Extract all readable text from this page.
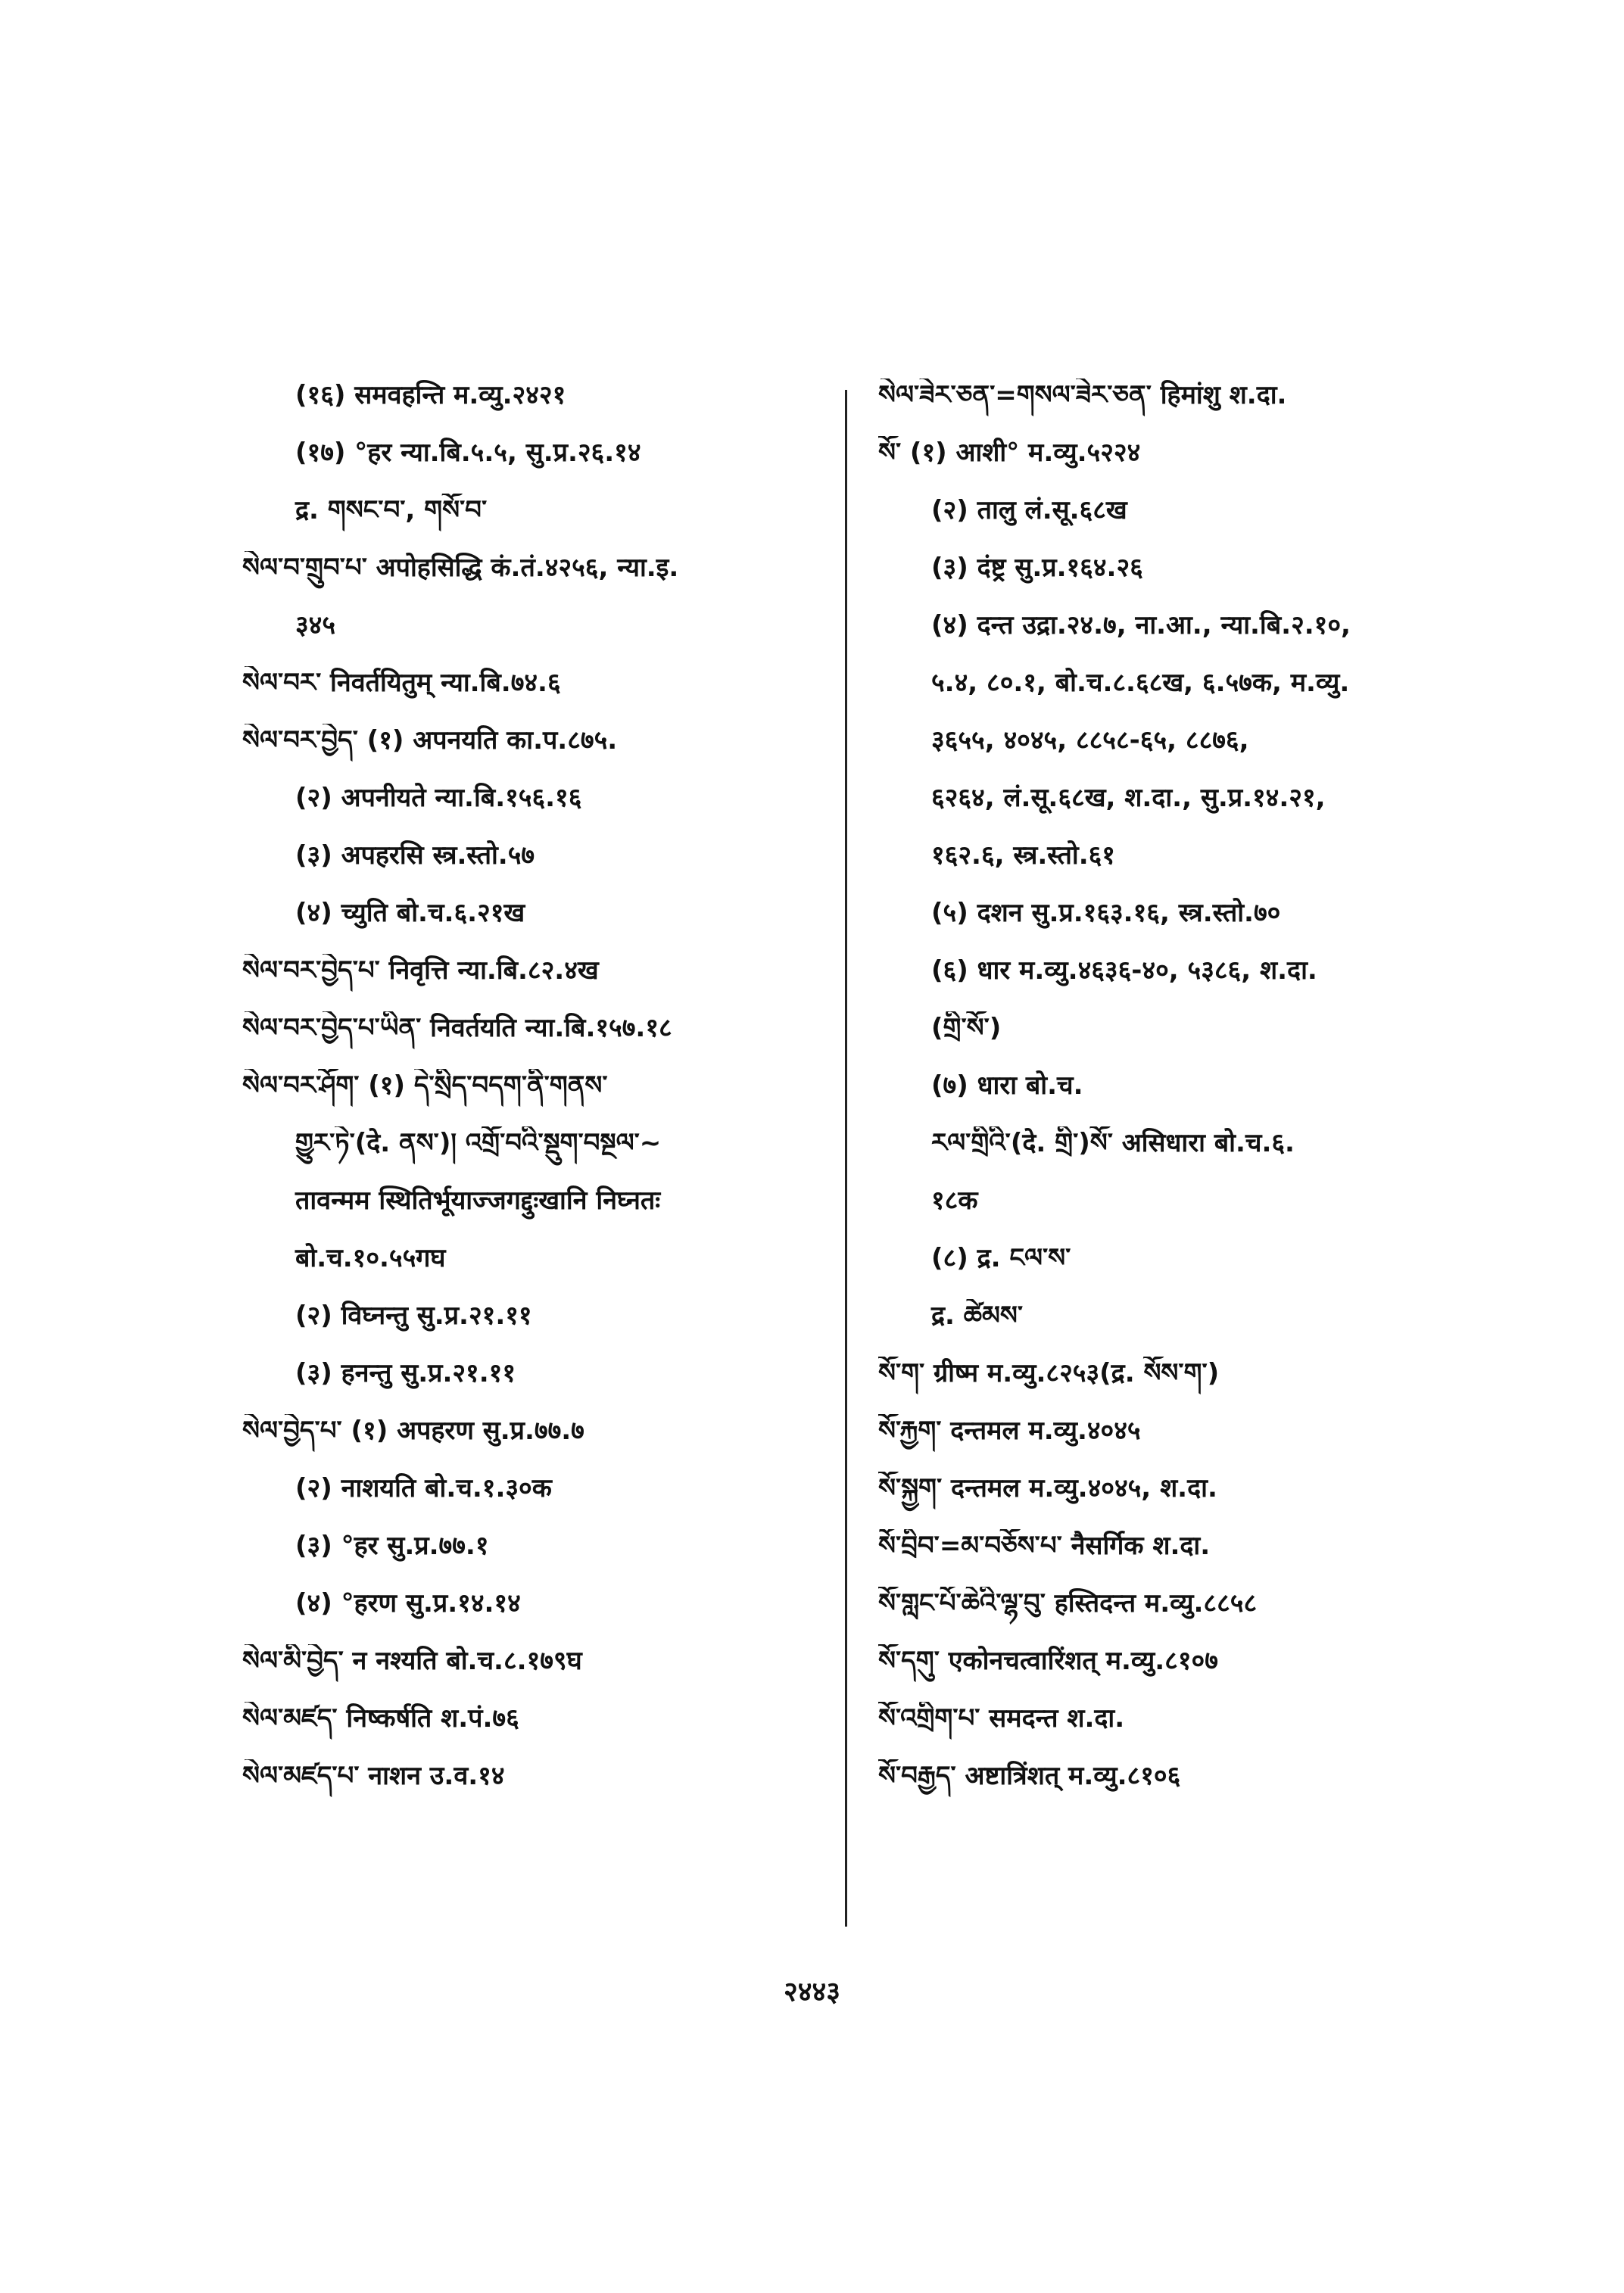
(१६) समवहन्ति म.व्यु.२४२१
(१७) °हर न्या.बि.५.५, सु.प्र.२६.१४
द्र. གསང་བ་, གསོ་བ་
སེལ་བ་གྲུབ་པ་ अपोहसिद्धि कं.तं.४२५६, न्या.इ.
३४५
སེལ་བར་ निवर्तयितुम् न्या.बि.७४.६
སེལ་བར་བྱེད་ (१) अपनयति का.प.८७५.
(२) अपनीयते न्या.बि.१५६.१६
(३) अपहरसि स्त्र.स्तो.५७
(४) च्युति बो.च.६.२१ख
སེལ་བར་བྱེད་པ་ निवृत्ति न्या.बि.८२.४ख
སེལ་བར་བྱེད་པ་ཡིན་ निवर्तयति न्या.बि.१५७.१८
སེལ་བར་ཤོག་ (१) དེ་སྲིད་བདག་ནི་གནས་
གྱུར་ཏེ་(दे. ནས་)། འགྲོ་བའི་སྡུག་བསྔལ་~
तावन्मम स्थितिर्भूयाज्जगद्दुःखानि निघ्नतः
बो.च.१०.५५गघ
(२) विघ्नन्तु सु.प्र.२१.११
(३) हनन्तु सु.प्र.२१.११
སེལ་བྱེད་པ་ (१) अपहरण सु.प्र.७७.७
(२) नाशयति बो.च.१.३०क
(३) °हर सु.प्र.७७.१
(४) °हरण सु.प्र.१४.१४
སེལ་མི་བྱེད་ न नश्यति बो.च.८.१७९घ
སེལ་མཛད་ निष्कर्षति श.पं.७६
སེལ་མཛད་པ་ नाशन उ.व.१४
སེལ་ཟེར་ཅན་=གསལ་ཟེར་ཅན་ हिमांशु श.दा.
སོ་ (१) आशी° म.व्यु.५२२४
(२) तालु लं.सू.६८ख
(३) दंष्ट्र सु.प्र.१६४.२६
(४) दन्त उद्रा.२४.७, ना.आ., न्या.बि.२.१०,
५.४, ८०.१, बो.च.८.६८ख, ६.५७क, म.व्यु.
३६५५, ४०४५, ८८५८-६५, ८८७६,
६२६४, लं.सू.६८ख, श.दा., सु.प्र.१४.२१,
१६२.६, स्त्र.स्तो.६१
(५) दशन सु.प्र.१६३.१६, स्त्र.स्तो.७०
(६) धार म.व्यु.४६३६-४०, ५३८६, श.दा.
(གྲི་སོ་)
(७) धारा बो.च.
རལ་གྲིའི་(दे. གྲི་)སོ་ असिधारा बो.च.६.
१८क
(८) द्र. ངལ་ས་
द्र. ཚེམས་
སོ་ག་ ग्रीष्म म.व्यु.८२५३(द्र. སོས་ག་)
སོ་རྐྱག་ दन्तमल म.व्यु.४०४५
སོ་སྐྱག་ दन्तमल म.व्यु.४०४५, श.दा.
སོ་བྲིབ་=མ་བཅོས་པ་ नैसर्गिक श.दा.
སོ་གླང་པོ་ཆེའི་ལྷ་བུ་ हस्तिदन्त म.व्यु.८८५८
སོ་དགུ་ एकोनचत्वारिंशत् म.व्यु.८१०७
སོ་འགྲིག་པ་ समदन्त श.दा.
སོ་བརྒྱད་ अष्टात्रिंशत् म.व्यु.८१०६
२४४३
